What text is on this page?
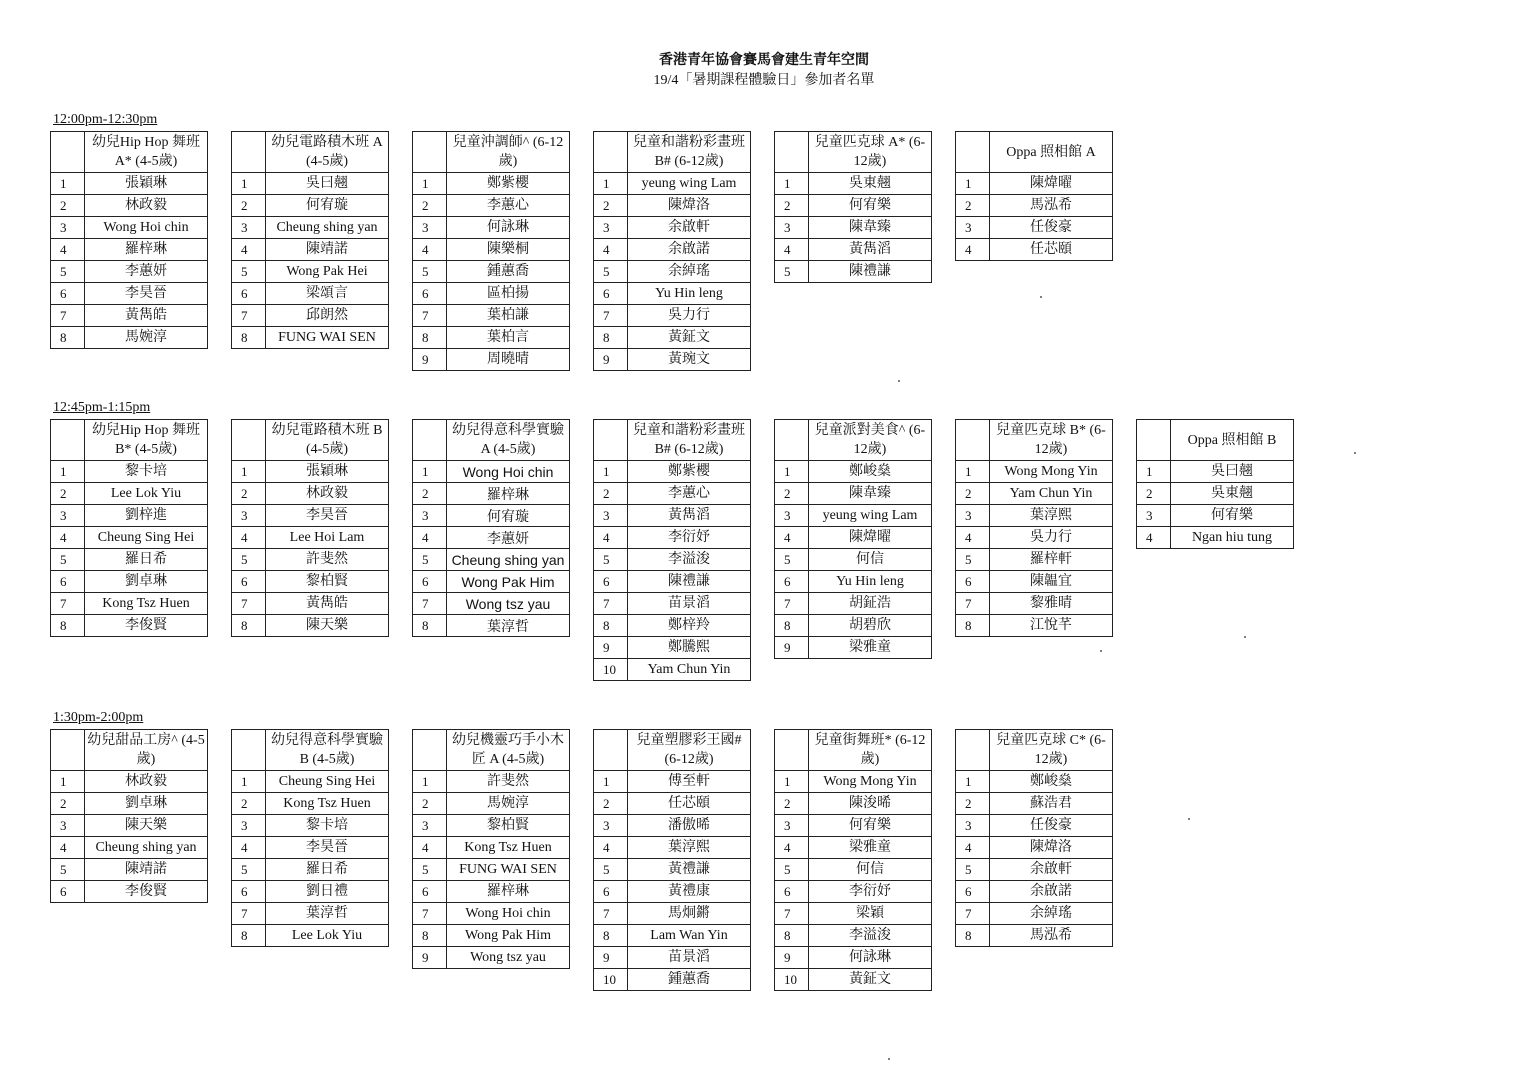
香港青年協會賽馬會建生青年空間
19/4「暑期課程體驗日」參加者名單
12:00pm-12:30pm
	幼兒Hip Hop 舞班 A* (4-5歲)
1	張穎琳
2	林政毅
3	Wong Hoi chin
4	羅梓琳
5	李蕙妍
6	李昊晉
7	黃雋皓
8	馬婉淳
	幼兒電路積木班 A (4-5歲)
1	吳曰翹
2	何宥璇
3	Cheung shing yan
4	陳靖諾
5	Wong Pak Hei
6	梁頌言
7	邱朗然
8	FUNG WAI SEN
	兒童沖調師^ (6-12歲)
1	鄭紫櫻
2	李蕙心
3	何詠琳
4	陳樂桐
5	鍾蕙喬
6	區柏揚
7	葉柏謙
8	葉柏言
9	周曉晴
	兒童和諧粉彩畫班 B# (6-12歲)
1	yeung wing Lam
2	陳煒洛
3	余啟軒
4	余啟諾
5	余綽瑤
6	Yu Hin leng
7	吳力行
8	黃鉦文
9	黃琬文
	兒童匹克球 A* (6-12歲)
1	吳東翹
2	何宥樂
3	陳韋臻
4	黃雋滔
5	陳禮謙
	Oppa 照相館 A
1	陳煒曜
2	馬泓希
3	任俊豪
4	任芯頤
12:45pm-1:15pm
	幼兒Hip Hop 舞班 B* (4-5歲)
1	黎卡培
2	Lee Lok Yiu
3	劉梓進
4	Cheung Sing Hei
5	羅日希
6	劉卓琳
7	Kong Tsz Huen
8	李俊賢
	幼兒電路積木班 B (4-5歲)
1	張穎琳
2	林政毅
3	李昊晉
4	Lee Hoi Lam
5	許斐然
6	黎柏賢
7	黃雋皓
8	陳天樂
	幼兒得意科學實驗 A (4-5歲)
1	Wong Hoi chin
2	羅梓琳
3	何宥璇
4	李蕙妍
5	Cheung shing yan
6	Wong Pak Him
7	Wong tsz yau
8	葉淳哲
	兒童和諧粉彩畫班 B# (6-12歲)
1	鄭紫櫻
2	李蕙心
3	黃雋滔
4	李衍妤
5	李溢浚
6	陳禮謙
7	苗景滔
8	鄭梓羚
9	鄭騰熙
10	Yam Chun Yin
	兒童派對美食^ (6-12歲)
1	鄭峻燊
2	陳韋臻
3	yeung wing Lam
4	陳煒曜
5	何信
6	Yu Hin leng
7	胡鉦浩
8	胡碧欣
9	梁雅童
	兒童匹克球 B* (6-12歲)
1	Wong Mong Yin
2	Yam Chun Yin
3	葉淳熙
4	吳力行
5	羅梓軒
6	陳韞宜
7	黎雅晴
8	江悅芊
	Oppa 照相館 B
1	吳曰翹
2	吳東翹
3	何宥樂
4	Ngan hiu tung
1:30pm-2:00pm
	幼兒甜品工房^ (4-5歲)
1	林政毅
2	劉卓琳
3	陳天樂
4	Cheung shing yan
5	陳靖諾
6	李俊賢
	幼兒得意科學實驗 B (4-5歲)
1	Cheung Sing Hei
2	Kong Tsz Huen
3	黎卡培
4	李昊晉
5	羅日希
6	劉日禮
7	葉淳哲
8	Lee Lok Yiu
	幼兒機靈巧手小木匠 A (4-5歲)
1	許斐然
2	馬婉淳
3	黎柏賢
4	Kong Tsz Huen
5	FUNG WAI SEN
6	羅梓琳
7	Wong Hoi chin
8	Wong Pak Him
9	Wong tsz yau
	兒童塑膠彩王國# (6-12歲)
1	傅至軒
2	任芯頤
3	潘傲晞
4	葉淳熙
5	黃禮謙
6	黃禮康
7	馬炯鏘
8	Lam Wan Yin
9	苗景滔
10	鍾蕙喬
	兒童街舞班* (6-12歲)
1	Wong Mong Yin
2	陳浚晞
3	何宥樂
4	梁雅童
5	何信
6	李衍妤
7	梁穎
8	李溢浚
9	何詠琳
10	黃鉦文
	兒童匹克球 C* (6-12歲)
1	鄭峻燊
2	蘇浩君
3	任俊豪
4	陳煒洛
5	余啟軒
6	余啟諾
7	余綽瑤
8	馬泓希
